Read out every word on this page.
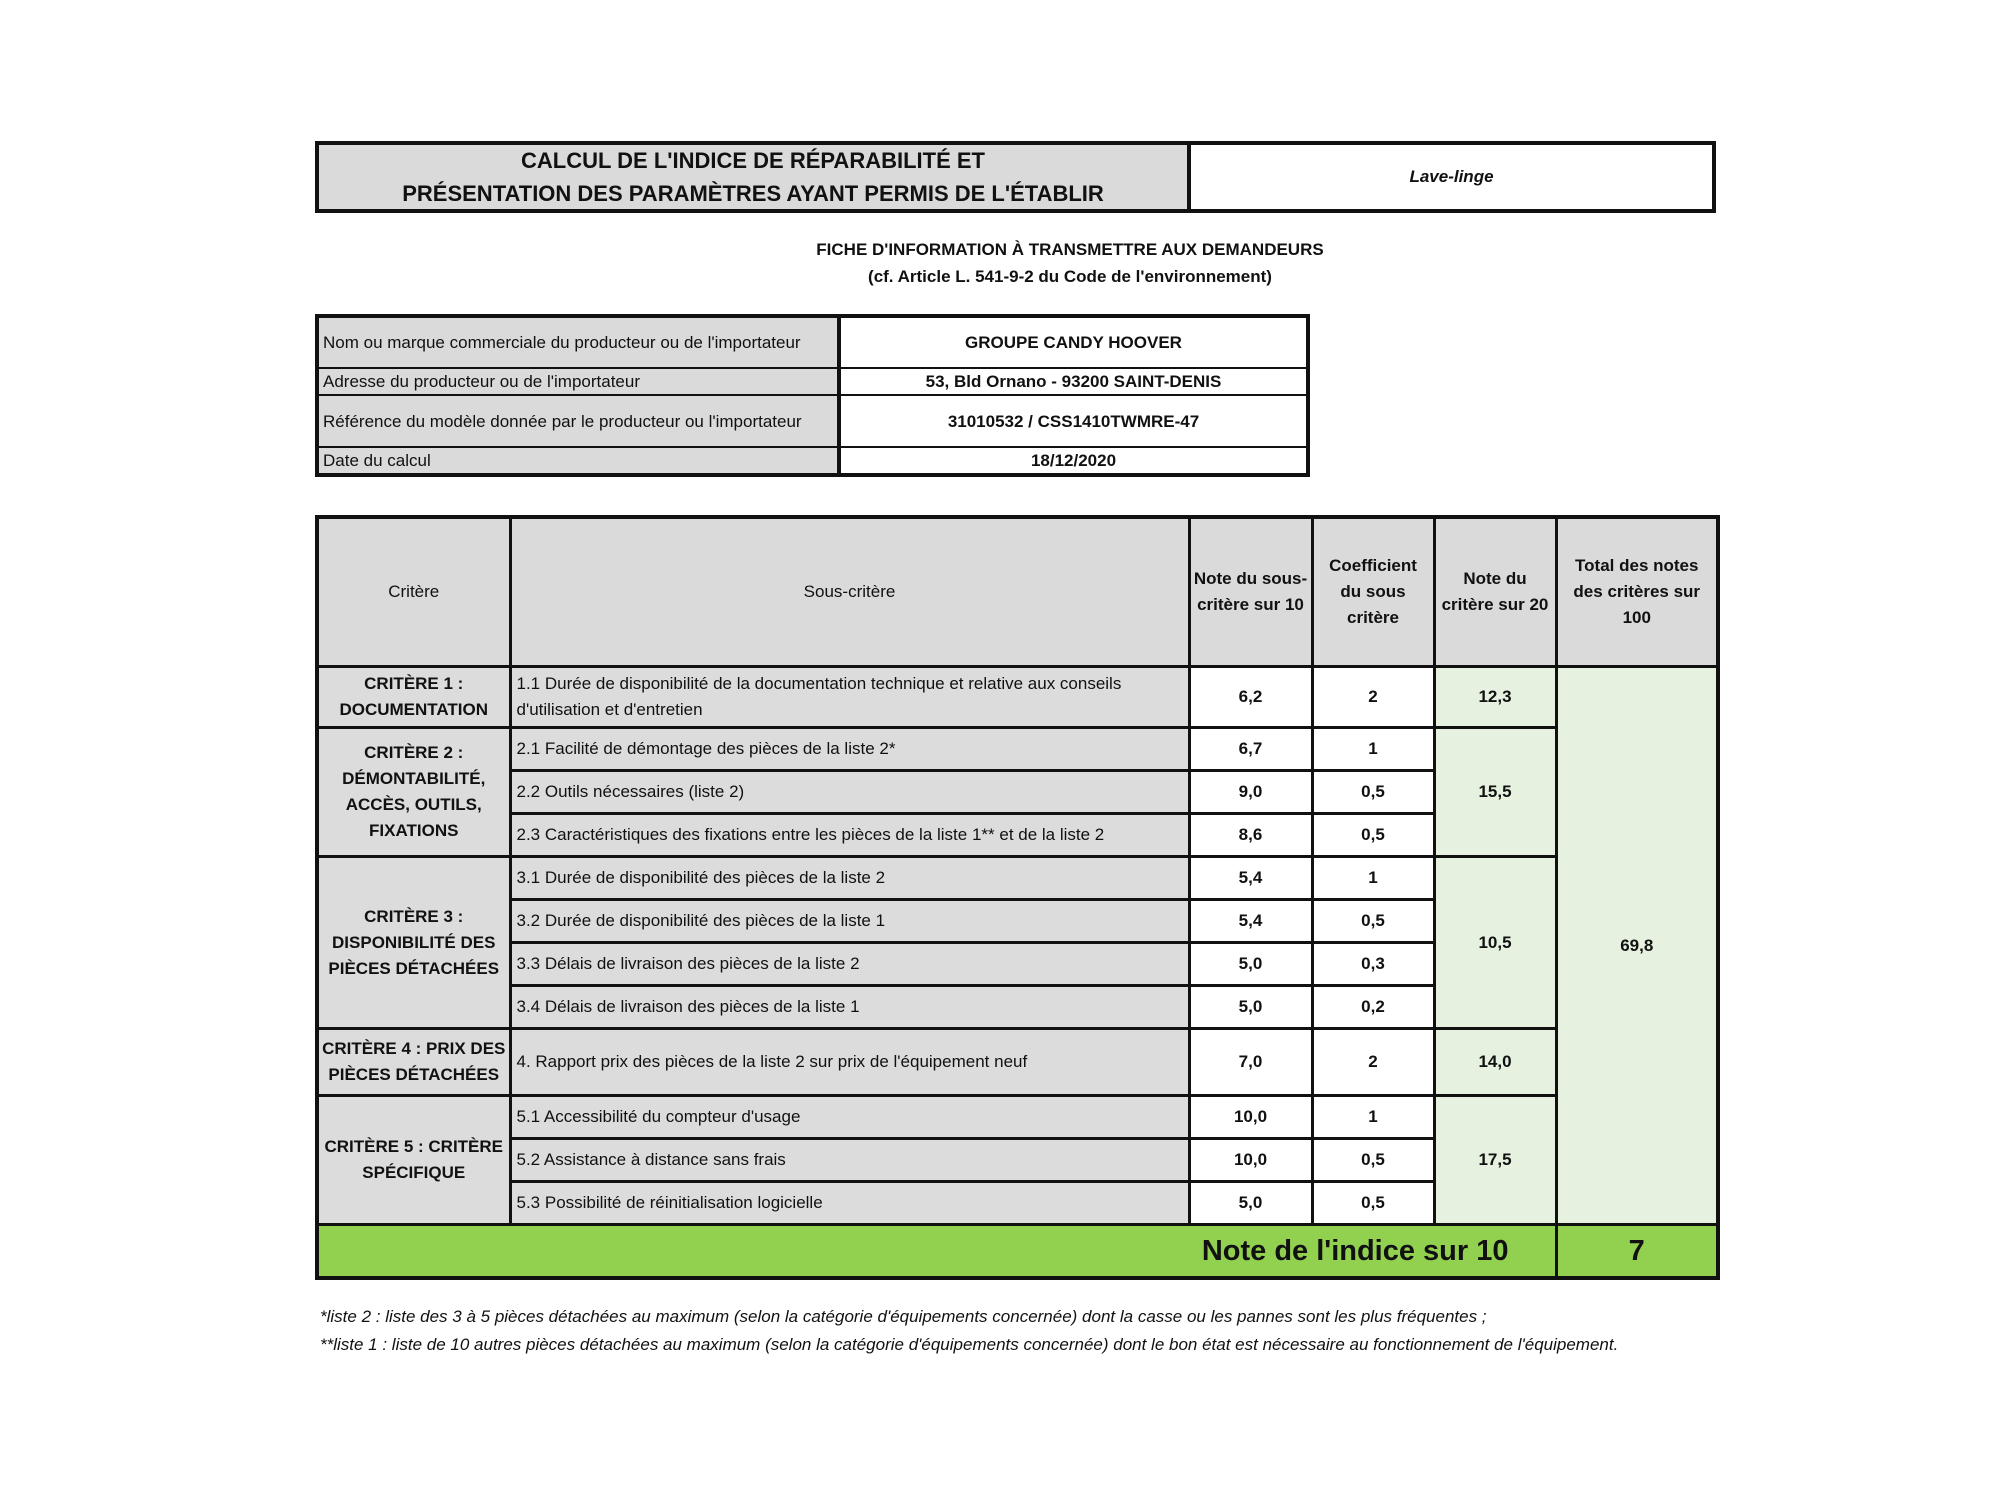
CALCUL DE L'INDICE DE RÉPARABILITÉ ET
PRÉSENTATION DES PARAMÈTRES AYANT PERMIS DE L'ÉTABLIR
Lave-linge
FICHE D'INFORMATION À TRANSMETTRE AUX DEMANDEURS
(cf. Article L. 541-9-2 du Code de l'environnement)
Nom ou marque commerciale du producteur ou de l'importateur	GROUPE CANDY HOOVER
Adresse du producteur ou de l'importateur	53, Bld Ornano - 93200 SAINT-DENIS
Référence du modèle donnée par le producteur ou l'importateur	31010532 / CSS1410TWMRE-47
Date du calcul	18/12/2020
Critère	Sous-critère	Note du sous-critère sur 10	Coefficient du sous critère	Note du critère sur 20	Total des notes des critères sur 100
CRITÈRE 1 : DOCUMENTATION	1.1 Durée de disponibilité de la documentation technique et relative aux conseils d'utilisation et d'entretien	6,2	2	12,3	69,8
CRITÈRE 2 : DÉMONTABILITÉ, ACCÈS, OUTILS, FIXATIONS	2.1 Facilité de démontage des pièces de la liste 2*	6,7	1	15,5	
	2.2 Outils nécessaires (liste 2)	9,0	0,5		
	2.3 Caractéristiques des fixations entre les pièces de la liste 1** et de la liste 2	8,6	0,5		
CRITÈRE 3 : DISPONIBILITÉ DES PIÈCES DÉTACHÉES	3.1 Durée de disponibilité des pièces de la liste 2	5,4	1	10,5	
	3.2 Durée de disponibilité des pièces de la liste 1	5,4	0,5		
	3.3 Délais de livraison des pièces de la liste 2	5,0	0,3		
	3.4 Délais de livraison des pièces de la liste 1	5,0	0,2		
CRITÈRE 4 : PRIX DES PIÈCES DÉTACHÉES	4. Rapport prix des pièces de la liste 2 sur prix de l'équipement neuf	7,0	2	14,0	
CRITÈRE 5 : CRITÈRE SPÉCIFIQUE	5.1 Accessibilité du compteur d'usage	10,0	1	17,5	
	5.2 Assistance à distance sans frais	10,0	0,5		
	5.3 Possibilité de réinitialisation logicielle	5,0	0,5		
Note de l'indice sur 10					7
*liste 2 : liste des 3 à 5 pièces détachées au maximum (selon la catégorie d'équipements concernée) dont la casse ou les pannes sont les plus fréquentes ;
**liste 1 : liste de 10 autres pièces détachées au maximum (selon la catégorie d'équipements concernée) dont le bon état est nécessaire au fonctionnement de l'équipement.
